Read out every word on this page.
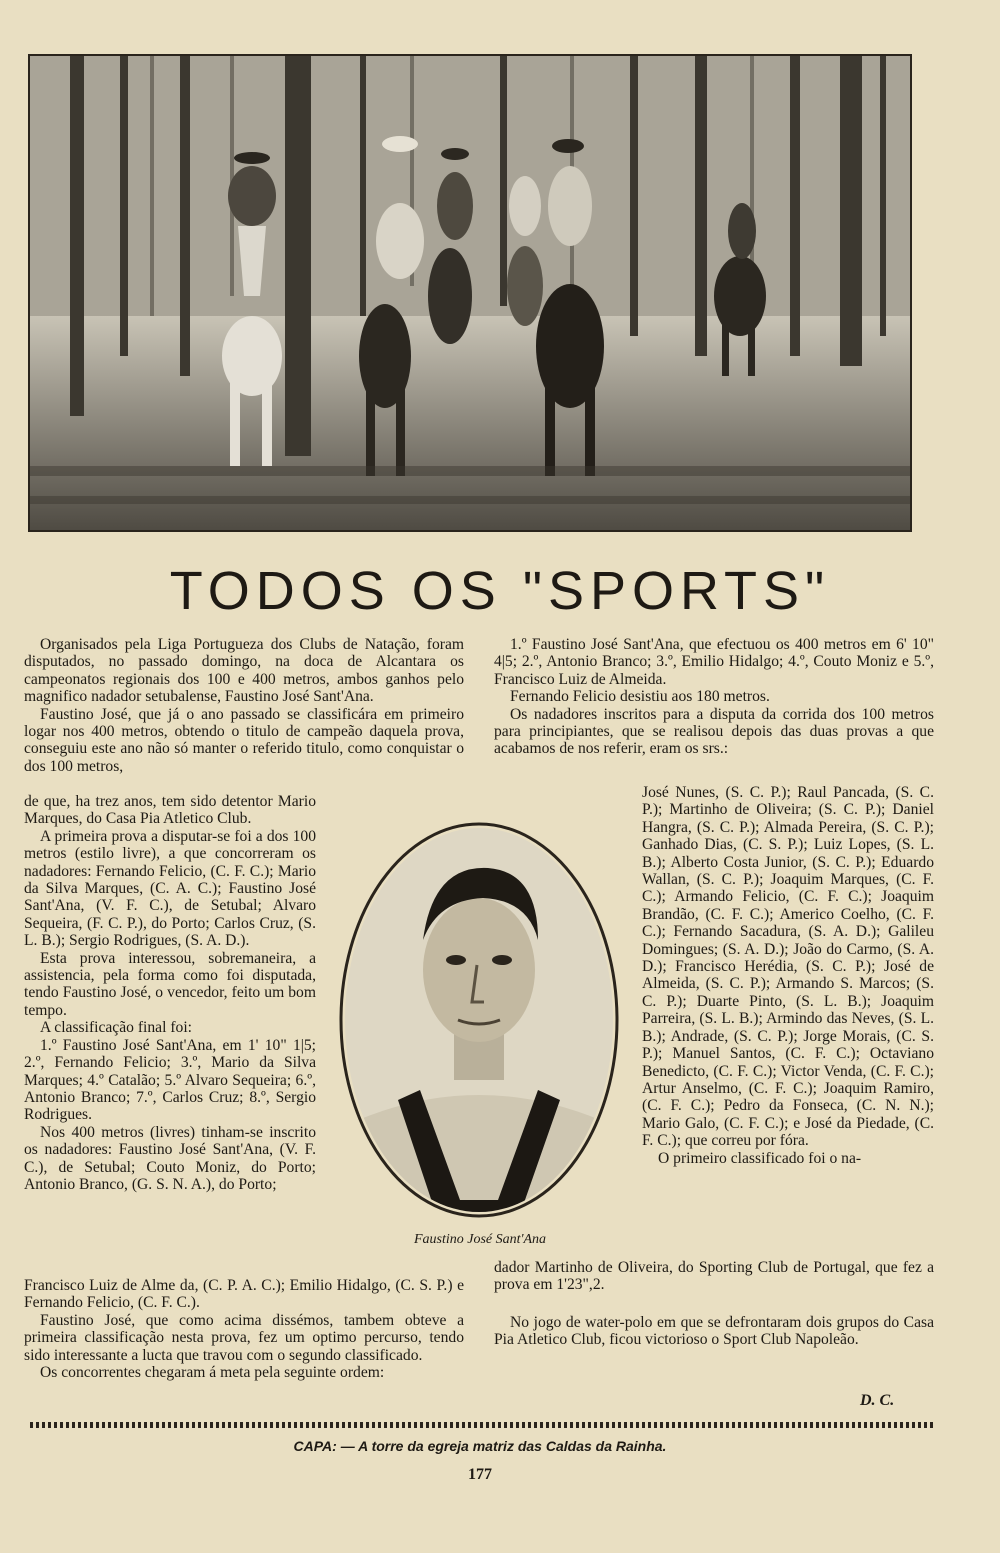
TODOS OS "SPORTS"

Organisados pela Liga Portugueza dos Clubs de Natação, foram disputados, no passado domingo, na doca de Alcantara os campeonatos regionais dos 100 e 400 metros, ambos ganhos pelo magnifico nadador setubalense, Faustino José Sant'Ana.

Faustino José, que já o ano passado se classificára em primeiro logar nos 400 metros, obtendo o titulo de campeão daquela prova, conseguiu este ano não só manter o referido titulo, como conquistar o dos 100 metros,

de que, ha trez anos, tem sido detentor Mario Marques, do Casa Pia Atletico Club.

A primeira prova a disputar-se foi a dos 100 metros (estilo livre), a que concorreram os nadadores: Fernando Felicio, (C. F. C.); Mario da Silva Marques, (C. A. C.); Faustino José Sant'Ana, (V. F. C.), de Setubal; Alvaro Sequeira, (F. C. P.), do Porto; Carlos Cruz, (S. L. B.); Sergio Rodrigues, (S. A. D.).

Esta prova interessou, sobremaneira, a assistencia, pela forma como foi disputada, tendo Faustino José, o vencedor, feito um bom tempo.

A classificação final foi:

1.º Faustino José Sant'Ana, em 1' 10" 1|5; 2.º, Fernando Felicio; 3.º, Mario da Silva Marques; 4.º Catalão; 5.º Alvaro Sequeira; 6.º, Antonio Branco; 7.º, Carlos Cruz; 8.º, Sergio Rodrigues.

Nos 400 metros (livres) tinham-se inscrito os nadadores: Faustino José Sant'Ana, (V. F. C.), de Setubal; Couto Moniz, do Porto; Antonio Branco, (G. S. N. A.), do Porto;

Francisco Luiz de Alme da, (C. P. A. C.); Emilio Hidalgo, (C. S. P.) e Fernando Felicio, (C. F. C.).

Faustino José, que como acima dissémos, tambem obteve a primeira classificação nesta prova, fez um optimo percurso, tendo sido interessante a lucta que travou com o segundo classificado.

Os concorrentes chegaram á meta pela seguinte ordem:

1.º Faustino José Sant'Ana, que efectuou os 400 metros em 6' 10" 4|5; 2.º, Antonio Branco; 3.º, Emilio Hidalgo; 4.º, Couto Moniz e 5.º, Francisco Luiz de Almeida.

Fernando Felicio desistiu aos 180 metros.

Os nadadores inscritos para a disputa da corrida dos 100 metros para principiantes, que se realisou depois das duas provas a que acabamos de nos referir, eram os srs.:

Faustino José Sant'Ana

José Nunes, (S. C. P.); Raul Pancada, (S. C. P.); Martinho de Oliveira; (S. C. P.); Daniel Hangra, (S. C. P.); Almada Pereira, (S. C. P.); Ganhado Dias, (C. S. P.); Luiz Lopes, (S. L. B.); Alberto Costa Junior, (S. C. P.); Eduardo Wallan, (S. C. P.); Joaquim Marques, (C. F. C.); Armando Felicio, (C. F. C.); Joaquim Brandão, (C. F. C.); Americo Coelho, (C. F. C.); Fernando Sacadura, (S. A. D.); Galileu Domingues; (S. A. D.); João do Carmo, (S. A. D.); Francisco Herédia, (S. C. P.); José de Almeida, (S. C. P.); Armando S. Marcos; (S. C. P.); Duarte Pinto, (S. L. B.); Joaquim Parreira, (S. L. B.); Armindo das Neves, (S. L. B.); Andrade, (S. C. P.); Jorge Morais, (C. S. P.); Manuel Santos, (C. F. C.); Octaviano Benedicto, (C. F. C.); Victor Venda, (C. F. C.); Artur Anselmo, (C. F. C.); Joaquim Ramiro, (C. F. C.); Pedro da Fonseca, (C. N. N.); Mario Galo, (C. F. C.); e José da Piedade, (C. F. C.); que correu por fóra.

O primeiro classificado foi o na-

dador Martinho de Oliveira, do Sporting Club de Portugal, que fez a prova em 1'23",2.

No jogo de water-polo em que se defrontaram dois grupos do Casa Pia Atletico Club, ficou victorioso o Sport Club Napoleão.

D. C.
CAPA: — A torre da egreja matriz das Caldas da Rainha.
177
